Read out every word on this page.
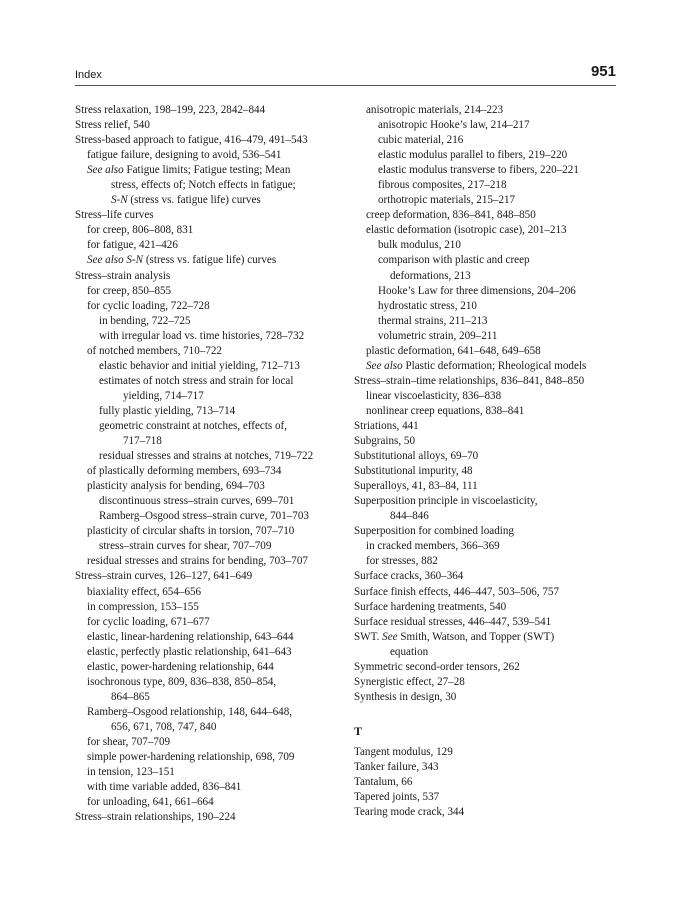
Index	951
Stress relaxation, 198–199, 223, 2842–844
Stress relief, 540
Stress-based approach to fatigue, 416–479, 491–543
fatigue failure, designing to avoid, 536–541
See also Fatigue limits; Fatigue testing; Mean
stress, effects of; Notch effects in fatigue;
S-N (stress vs. fatigue life) curves
Stress–life curves
for creep, 806–808, 831
for fatigue, 421–426
See also S-N (stress vs. fatigue life) curves
Stress–strain analysis
for creep, 850–855
for cyclic loading, 722–728
in bending, 722–725
with irregular load vs. time histories, 728–732
of notched members, 710–722
elastic behavior and initial yielding, 712–713
estimates of notch stress and strain for local
yielding, 714–717
fully plastic yielding, 713–714
geometric constraint at notches, effects of,
717–718
residual stresses and strains at notches, 719–722
of plastically deforming members, 693–734
plasticity analysis for bending, 694–703
discontinuous stress–strain curves, 699–701
Ramberg–Osgood stress–strain curve, 701–703
plasticity of circular shafts in torsion, 707–710
stress–strain curves for shear, 707–709
residual stresses and strains for bending, 703–707
Stress–strain curves, 126–127, 641–649
biaxiality effect, 654–656
in compression, 153–155
for cyclic loading, 671–677
elastic, linear-hardening relationship, 643–644
elastic, perfectly plastic relationship, 641–643
elastic, power-hardening relationship, 644
isochronous type, 809, 836–838, 850–854,
864–865
Ramberg–Osgood relationship, 148, 644–648,
656, 671, 708, 747, 840
for shear, 707–709
simple power-hardening relationship, 698, 709
in tension, 123–151
with time variable added, 836–841
for unloading, 641, 661–664
Stress–strain relationships, 190–224
anisotropic materials, 214–223
anisotropic Hooke’s law, 214–217
cubic material, 216
elastic modulus parallel to fibers, 219–220
elastic modulus transverse to fibers, 220–221
fibrous composites, 217–218
orthotropic materials, 215–217
creep deformation, 836–841, 848–850
elastic deformation (isotropic case), 201–213
bulk modulus, 210
comparison with plastic and creep
deformations, 213
Hooke’s Law for three dimensions, 204–206
hydrostatic stress, 210
thermal strains, 211–213
volumetric strain, 209–211
plastic deformation, 641–648, 649–658
See also Plastic deformation; Rheological models
Stress–strain–time relationships, 836–841, 848–850
linear viscoelasticity, 836–838
nonlinear creep equations, 838–841
Striations, 441
Subgrains, 50
Substitutional alloys, 69–70
Substitutional impurity, 48
Superalloys, 41, 83–84, 111
Superposition principle in viscoelasticity,
844–846
Superposition for combined loading
in cracked members, 366–369
for stresses, 882
Surface cracks, 360–364
Surface finish effects, 446–447, 503–506, 757
Surface hardening treatments, 540
Surface residual stresses, 446–447, 539–541
SWT. See Smith, Watson, and Topper (SWT)
equation
Symmetric second-order tensors, 262
Synergistic effect, 27–28
Synthesis in design, 30
T
Tangent modulus, 129
Tanker failure, 343
Tantalum, 66
Tapered joints, 537
Tearing mode crack, 344
